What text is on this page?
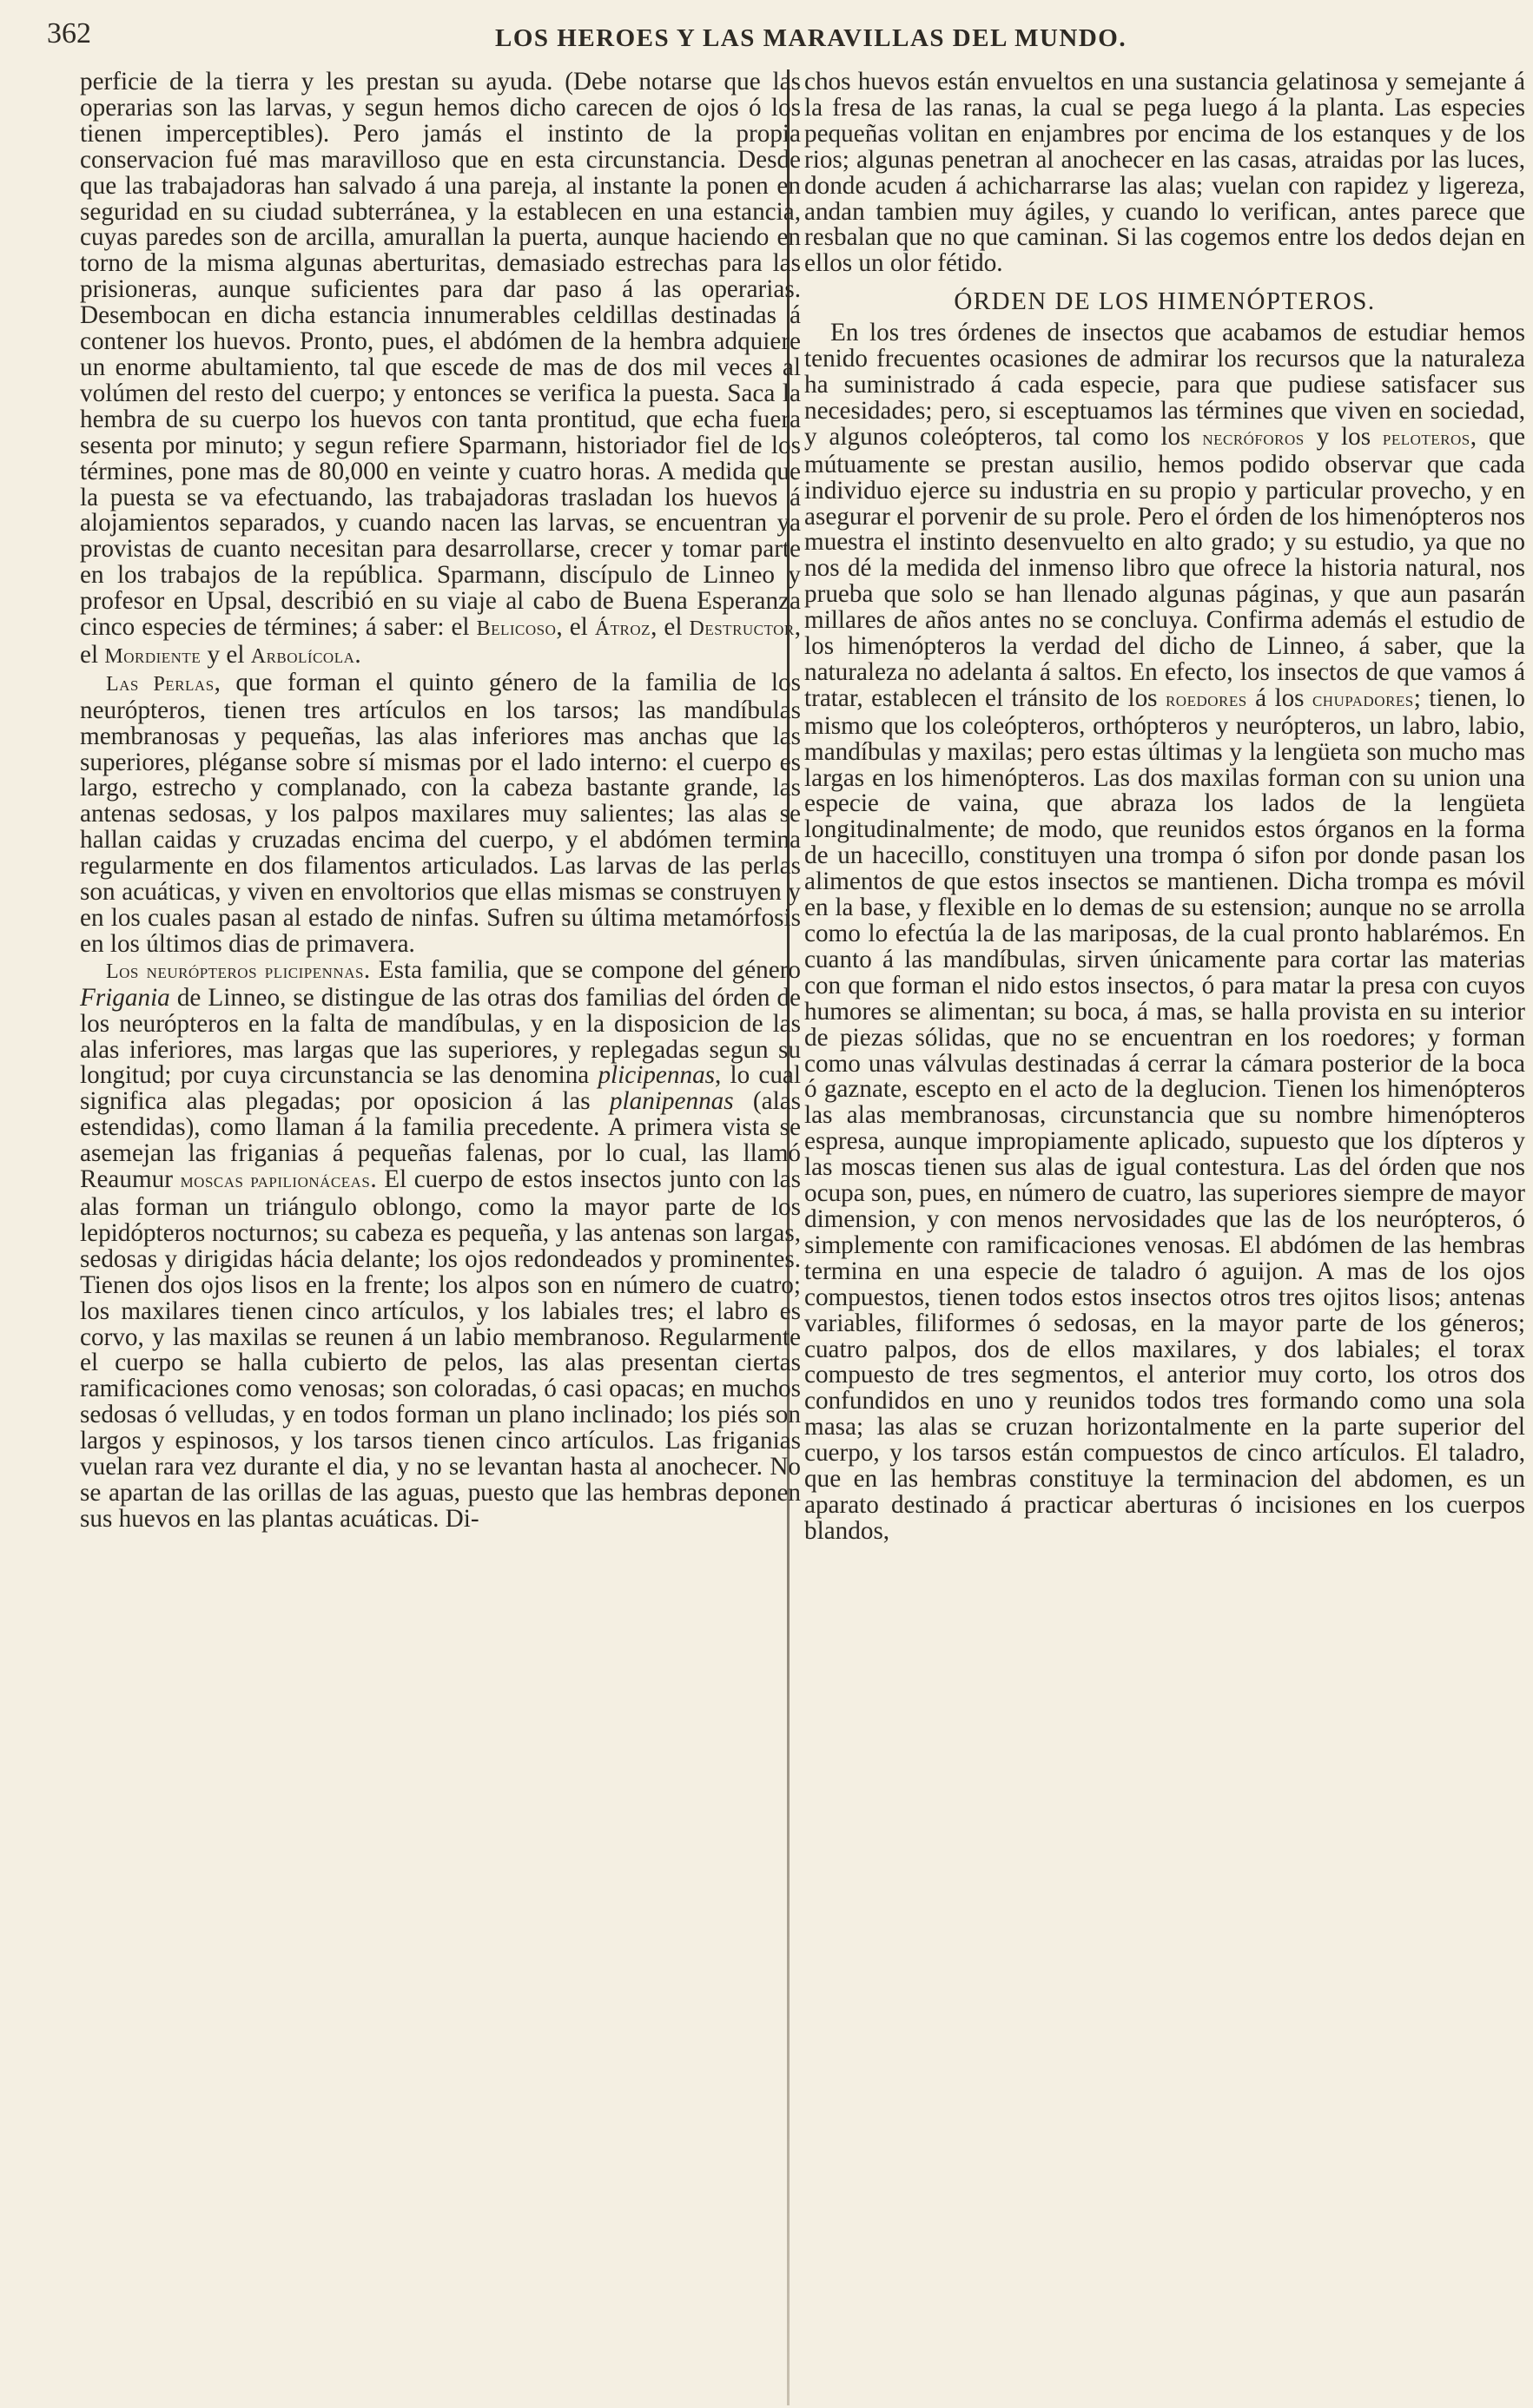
362	LOS HEROES Y LAS MARAVILLAS DEL MUNDO.

perficie de la tierra y les prestan su ayuda. (Debe notarse que las operarias son las larvas, y segun hemos dicho carecen de ojos ó los tienen imperceptibles). Pero jamás el instinto de la propia conservacion fué mas maravilloso que en esta circunstancia. Desde que las trabajadoras han salvado á una pareja, al instante la ponen en seguridad en su ciudad subterránea, y la establecen en una estancia, cuyas paredes son de arcilla, amurallan la puerta, aunque haciendo en torno de la misma algunas aberturitas, demasiado estrechas para las prisioneras, aunque suficientes para dar paso á las operarias. Desembocan en dicha estancia innumerables celdillas destinadas á contener los huevos. Pronto, pues, el abdómen de la hembra adquiere un enorme abultamiento, tal que escede de mas de dos mil veces al volúmen del resto del cuerpo; y entonces se verifica la puesta. Saca la hembra de su cuerpo los huevos con tanta prontitud, que echa fuera sesenta por minuto; y segun refiere Sparmann, historiador fiel de los términes, pone mas de 80,000 en veinte y cuatro horas. A medida que la puesta se va efectuando, las trabajadoras trasladan los huevos á alojamientos separados, y cuando nacen las larvas, se encuentran ya provistas de cuanto necesitan para desarrollarse, crecer y tomar parte en los trabajos de la república. Sparmann, discípulo de Linneo y profesor en Upsal, describió en su viaje al cabo de Buena Esperanza cinco especies de términes; á saber: el Belicoso, el Átroz, el Destructor, el Mordiente y el Arbolícola.

Las Perlas, que forman el quinto género de la familia de los neurópteros, tienen tres artículos en los tarsos; las mandíbulas membranosas y pequeñas, las alas inferiores mas anchas que las superiores, pléganse sobre sí mismas por el lado interno: el cuerpo es largo, estrecho y complanado, con la cabeza bastante grande, las antenas sedosas, y los palpos maxilares muy salientes; las alas se hallan caidas y cruzadas encima del cuerpo, y el abdómen termina regularmente en dos filamentos articulados. Las larvas de las perlas son acuáticas, y viven en envoltorios que ellas mismas se construyen y en los cuales pasan al estado de ninfas. Sufren su última metamórfosis en los últimos dias de primavera.

Los neurópteros plicipennas. Esta familia, que se compone del género Frigania de Linneo, se distingue de las otras dos familias del órden de los neurópteros en la falta de mandíbulas, y en la disposicion de las alas inferiores, mas largas que las superiores, y replegadas segun su longitud; por cuya circunstancia se las denomina plicipennas, lo cual significa alas plegadas; por oposicion á las planipennas (alas estendidas), como llaman á la familia precedente. A primera vista se asemejan las friganias á pequeñas falenas, por lo cual, las llamó Reaumur moscas papilionáceas. El cuerpo de estos insectos junto con las alas forman un triángulo oblongo, como la mayor parte de los lepidópteros nocturnos; su cabeza es pequeña, y las antenas son largas, sedosas y dirigidas hácia delante; los ojos redondeados y prominentes. Tienen dos ojos lisos en la frente; los alpos son en número de cuatro; los maxilares tienen cinco artículos, y los labiales tres; el labro es corvo, y las maxilas se reunen á un labio membranoso. Regularmente el cuerpo se halla cubierto de pelos, las alas presentan ciertas ramificaciones como venosas; son coloradas, ó casi opacas; en muchos sedosas ó velludas, y en todos forman un plano inclinado; los piés son largos y espinosos, y los tarsos tienen cinco artículos. Las friganias vuelan rara vez durante el dia, y no se levantan hasta al anochecer. No se apartan de las orillas de las aguas, puesto que las hembras deponen sus huevos en las plantas acuáticas. Di-

chos huevos están envueltos en una sustancia gelatinosa y semejante á la fresa de las ranas, la cual se pega luego á la planta. Las especies pequeñas volitan en enjambres por encima de los estanques y de los rios; algunas penetran al anochecer en las casas, atraidas por las luces, donde acuden á achicharrarse las alas; vuelan con rapidez y ligereza, andan tambien muy ágiles, y cuando lo verifican, antes parece que resbalan que no que caminan. Si las cogemos entre los dedos dejan en ellos un olor fétido.

ÓRDEN DE LOS HIMENÓPTEROS.

En los tres órdenes de insectos que acabamos de estudiar hemos tenido frecuentes ocasiones de admirar los recursos que la naturaleza ha suministrado á cada especie, para que pudiese satisfacer sus necesidades; pero, si esceptuamos las términes que viven en sociedad, y algunos coleópteros, tal como los necróforos y los peloteros, que mútuamente se prestan ausilio, hemos podido observar que cada individuo ejerce su industria en su propio y particular provecho, y en asegurar el porvenir de su prole. Pero el órden de los himenópteros nos muestra el instinto desenvuelto en alto grado; y su estudio, ya que no nos dé la medida del inmenso libro que ofrece la historia natural, nos prueba que solo se han llenado algunas páginas, y que aun pasarán millares de años antes no se concluya. Confirma además el estudio de los himenópteros la verdad del dicho de Linneo, á saber, que la naturaleza no adelanta á saltos. En efecto, los insectos de que vamos á tratar, establecen el tránsito de los roedores á los chupadores; tienen, lo mismo que los coleópteros, orthópteros y neurópteros, un labro, labio, mandíbulas y maxilas; pero estas últimas y la lengüeta son mucho mas largas en los himenópteros. Las dos maxilas forman con su union una especie de vaina, que abraza los lados de la lengüeta longitudinalmente; de modo, que reunidos estos órganos en la forma de un hacecillo, constituyen una trompa ó sifon por donde pasan los alimentos de que estos insectos se mantienen. Dicha trompa es móvil en la base, y flexible en lo demas de su estension; aunque no se arrolla como lo efectúa la de las mariposas, de la cual pronto hablarémos. En cuanto á las mandíbulas, sirven únicamente para cortar las materias con que forman el nido estos insectos, ó para matar la presa con cuyos humores se alimentan; su boca, á mas, se halla provista en su interior de piezas sólidas, que no se encuentran en los roedores; y forman como unas válvulas destinadas á cerrar la cámara posterior de la boca ó gaznate, escepto en el acto de la deglucion. Tienen los himenópteros las alas membranosas, circunstancia que su nombre himenópteros espresa, aunque impropiamente aplicado, supuesto que los dípteros y las moscas tienen sus alas de igual contestura. Las del órden que nos ocupa son, pues, en número de cuatro, las superiores siempre de mayor dimension, y con menos nervosidades que las de los neurópteros, ó simplemente con ramificaciones venosas. El abdómen de las hembras termina en una especie de taladro ó aguijon. A mas de los ojos compuestos, tienen todos estos insectos otros tres ojitos lisos; antenas variables, filiformes ó sedosas, en la mayor parte de los géneros; cuatro palpos, dos de ellos maxilares, y dos labiales; el torax compuesto de tres segmentos, el anterior muy corto, los otros dos confundidos en uno y reunidos todos tres formando como una sola masa; las alas se cruzan horizontalmente en la parte superior del cuerpo, y los tarsos están compuestos de cinco artículos. El taladro, que en las hembras constituye la terminacion del abdomen, es un aparato destinado á practicar aberturas ó incisiones en los cuerpos blandos,
